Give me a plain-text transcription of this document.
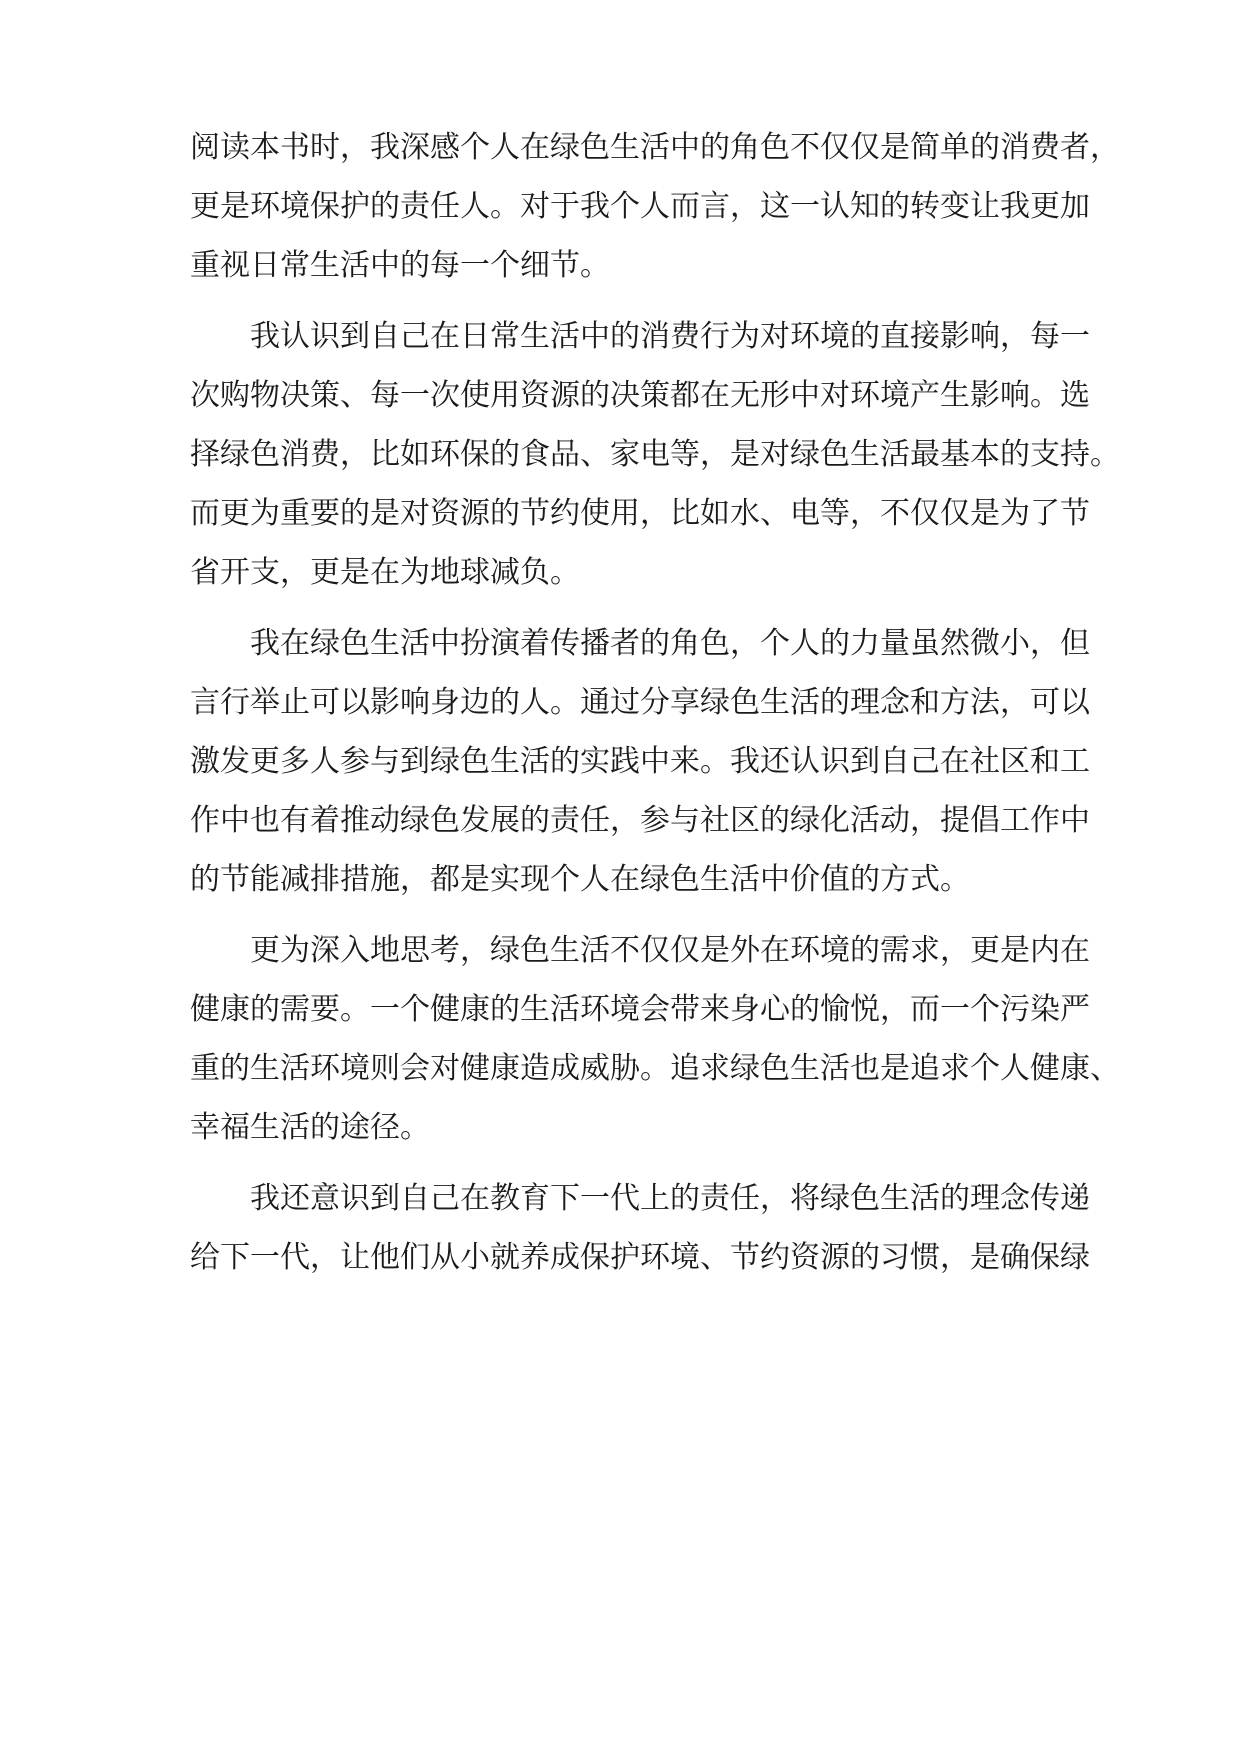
阅读本书时，我深感个人在绿色生活中的角色不仅仅是简单的消费者，
更是环境保护的责任人。对于我个人而言，这一认知的转变让我更加
重视日常生活中的每一个细节。
我认识到自己在日常生活中的消费行为对环境的直接影响，每一
次购物决策、每一次使用资源的决策都在无形中对环境产生影响。选
择绿色消费，比如环保的食品、家电等，是对绿色生活最基本的支持。
而更为重要的是对资源的节约使用，比如水、电等，不仅仅是为了节
省开支，更是在为地球减负。
我在绿色生活中扮演着传播者的角色，个人的力量虽然微小，但
言行举止可以影响身边的人。通过分享绿色生活的理念和方法，可以
激发更多人参与到绿色生活的实践中来。我还认识到自己在社区和工
作中也有着推动绿色发展的责任，参与社区的绿化活动，提倡工作中
的节能减排措施，都是实现个人在绿色生活中价值的方式。
更为深入地思考，绿色生活不仅仅是外在环境的需求，更是内在
健康的需要。一个健康的生活环境会带来身心的愉悦，而一个污染严
重的生活环境则会对健康造成威胁。追求绿色生活也是追求个人健康、
幸福生活的途径。
我还意识到自己在教育下一代上的责任，将绿色生活的理念传递
给下一代，让他们从小就养成保护环境、节约资源的习惯，是确保绿
